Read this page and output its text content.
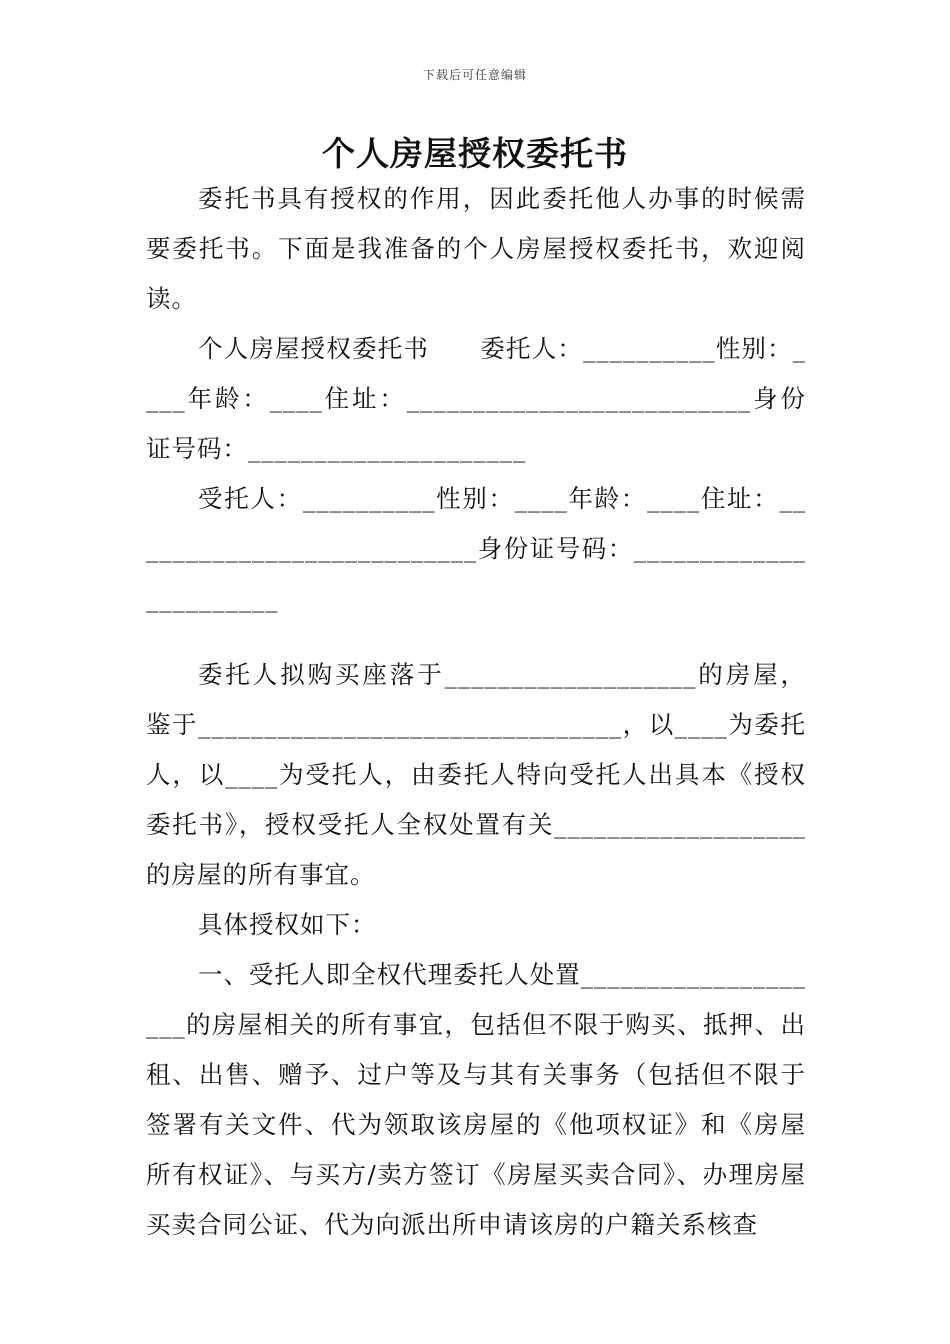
下载后可任意编辑
个人房屋授权委托书

委托书具有授权的作用，因此委托他人办事的时候需要委托书。下面是我准备的个人房屋授权委托书，欢迎阅读。

个人房屋授权委托书　　委托人：__________性别：____年龄：____住址：__________________________身份证号码：_____________________

受托人：__________性别：____年龄：____住址：___________________________身份证号码：_______________________

委托人拟购买座落于___________________的房屋，鉴于________________________________，以____为委托人，以____为受托人，由委托人特向受托人出具本《授权委托书》，授权受托人全权处置有关___________________的房屋的所有事宜。

具体授权如下：

一、受托人即全权代理委托人处置____________________的房屋相关的所有事宜，包括但不限于购买、抵押、出租、出售、赠予、过户等及与其有关事务（包括但不限于签署有关文件、代为领取该房屋的《他项权证》和《房屋所有权证》、与买方/卖方签订《房屋买卖合同》、办理房屋买卖合同公证、代为向派出所申请该房的户籍关系核查
